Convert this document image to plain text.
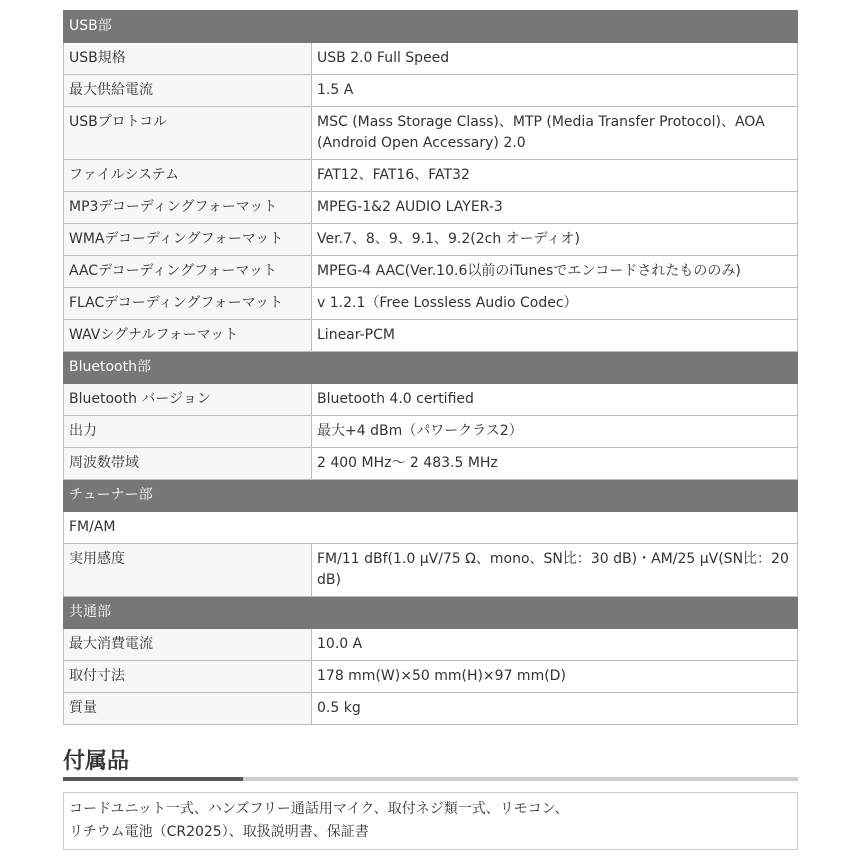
USB部	
USB規格	USB 2.0 Full Speed
最大供給電流	1.5 A
USBプロトコル	MSC (Mass Storage Class)、MTP (Media Transfer Protocol)、AOA (Android Open Accessary) 2.0
ファイルシステム	FAT12、FAT16、FAT32
MP3デコーディングフォーマット	MPEG-1&2 AUDIO LAYER-3
WMAデコーディングフォーマット	Ver.7、8、9、9.1、9.2(2ch オーディオ)
AACデコーディングフォーマット	MPEG-4 AAC(Ver.10.6以前のiTunesでエンコードされたもののみ)
FLACデコーディングフォーマット	v 1.2.1（Free Lossless Audio Codec）
WAVシグナルフォーマット	Linear-PCM
Bluetooth部	
Bluetooth バージョン	Bluetooth 4.0 certified
出力	最大+4 dBm（パワークラス2）
周波数帯域	2 400 MHz～ 2 483.5 MHz
チューナー部	
FM/AM	
実用感度	FM/11 dBf(1.0 µV/75 Ω、mono、SN比：30 dB)・AM/25 µV(SN比：20 dB)
共通部	
最大消費電流	10.0 A
取付寸法	178 mm(W)×50 mm(H)×97 mm(D)
質量	0.5 kg
付属品
コードユニット一式、ハンズフリー通話用マイク、取付ネジ類一式、リモコン、
リチウム電池（CR2025）、取扱説明書、保証書
